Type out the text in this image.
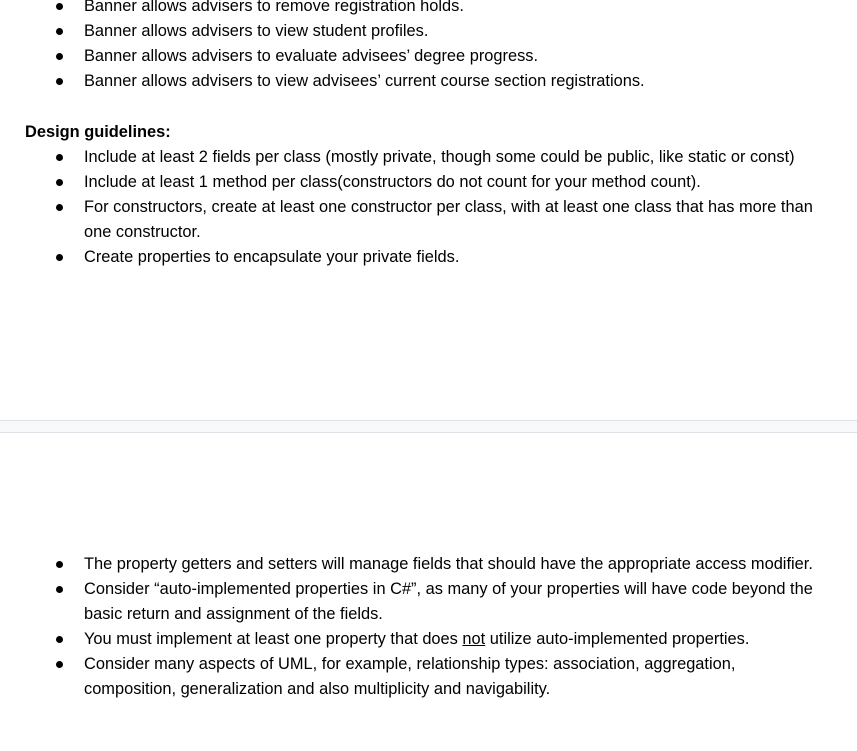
Banner allows advisers to remove registration holds.
Banner allows advisers to view student profiles.
Banner allows advisers to evaluate advisees’ degree progress.
Banner allows advisers to view advisees’ current course section registrations.

Design guidelines:

Include at least 2 fields per class (mostly private, though some could be public, like static or const)
Include at least 1 method per class(constructors do not count for your method count).
For constructors, create at least one constructor per class, with at least one class that has more than one constructor.
Create properties to encapsulate your private fields.
The property getters and setters will manage fields that should have the appropriate access modifier.
Consider “auto-implemented properties in C#”, as many of your properties will have code beyond the basic return and assignment of the fields.
You must implement at least one property that does not utilize auto-implemented properties.
Consider many aspects of UML, for example, relationship types: association, aggregation, composition, generalization and also multiplicity and navigability.
